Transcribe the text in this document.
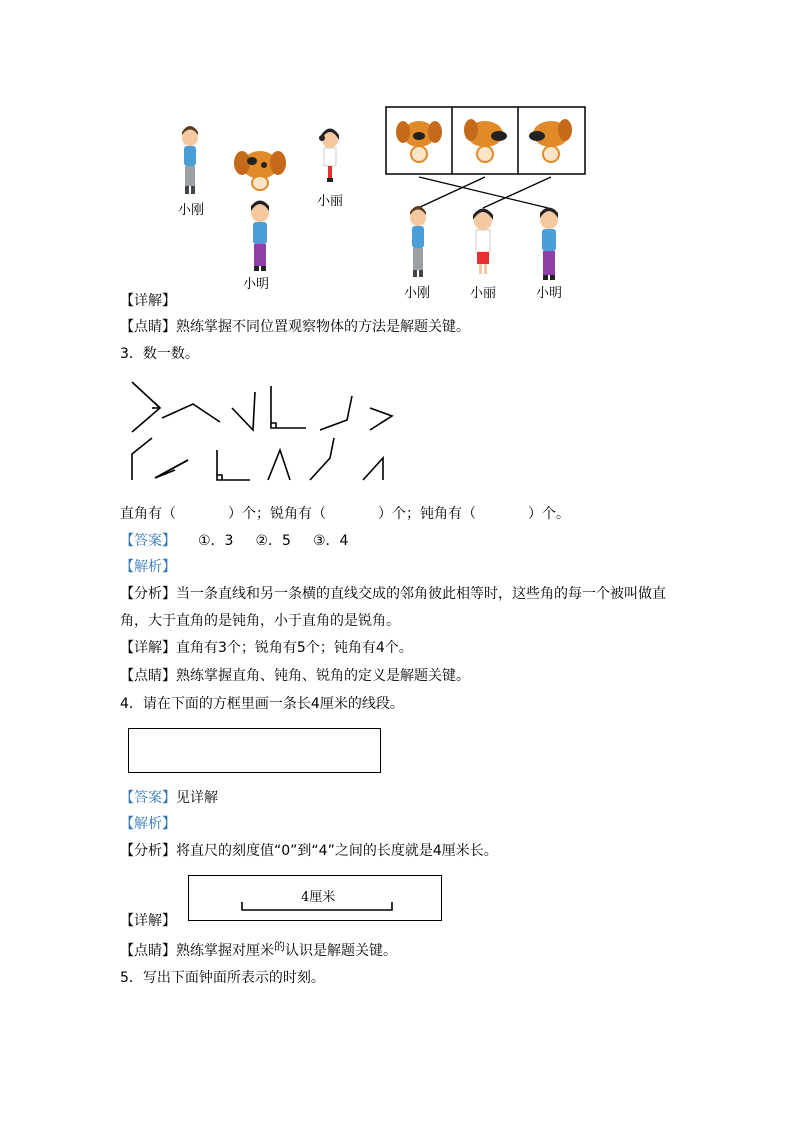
小刚
小丽
小明
小刚	小丽	小明
【详解】
【点睛】熟练掌握不同位置观察物体的方法是解题关键。
3．数一数。
直角有（	）个；锐角有（	）个；钝角有（	）个。
【答案】 ①．3 ②．5 ③．4
【解析】
【分析】当一条直线和另一条横的直线交成的邻角彼此相等时，这些角的每一个被叫做直
角，大于直角的是钝角，小于直角的是锐角。
【详解】直角有3个；锐角有5个；钝角有4个。
【点睛】熟练掌握直角、钝角、锐角的定义是解题关键。
4．请在下面的方框里画一条长4厘米的线段。
【答案】见详解
【解析】
【分析】将直尺的刻度值“0”到“4”之间的长度就是4厘米长。
4厘米
【详解】
【点睛】熟练掌握对厘米$^的$认识是解题关键。
5．写出下面钟面所表示的时刻。
